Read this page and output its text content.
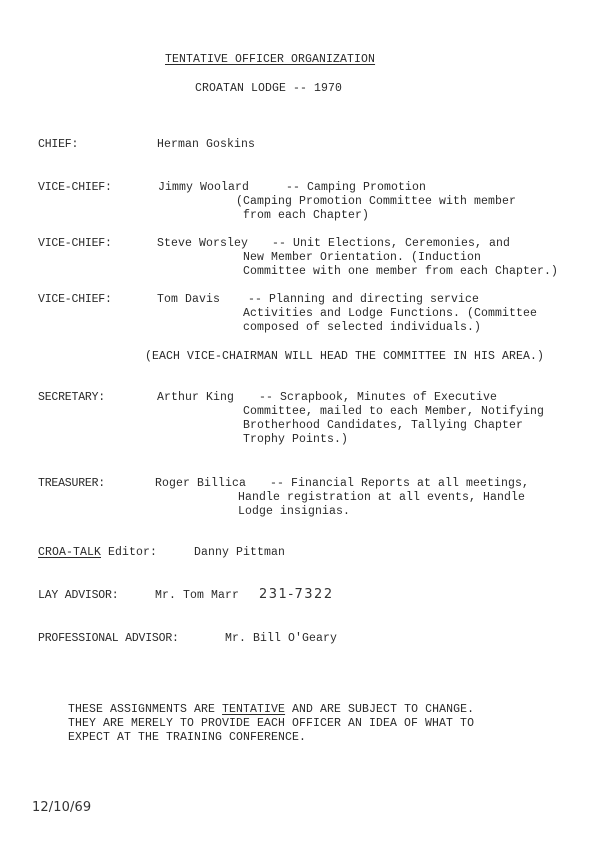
TENTATIVE OFFICER ORGANIZATION
CROATAN LODGE -- 1970
CHIEF:	Herman Goskins
VICE-CHIEF:	Jimmy Woolard	-- Camping Promotion
(Camping Promotion Committee with member
from each Chapter)
VICE-CHIEF:	Steve Worsley -- Unit Elections, Ceremonies, and
New Member Orientation. (Induction
Committee with one member from each Chapter.)
VICE-CHIEF:	Tom Davis -- Planning and directing service
Activities and Lodge Functions. (Committee
composed of selected individuals.)
(EACH VICE-CHAIRMAN WILL HEAD THE COMMITTEE IN HIS AREA.)
SECRETARY:	Arthur King -- Scrapbook, Minutes of Executive
Committee, mailed to each Member, Notifying
Brotherhood Candidates, Tallying Chapter
Trophy Points.)
TREASURER:	Roger Billica -- Financial Reports at all meetings,
Handle registration at all events, Handle
Lodge insignias.
CROA-TALK Editor:	Danny Pittman
LAY ADVISOR:	Mr. Tom Marr 231-7322
PROFESSIONAL ADVISOR:	Mr. Bill O'Geary
THESE ASSIGNMENTS ARE TENTATIVE AND ARE SUBJECT TO CHANGE.
THEY ARE MERELY TO PROVIDE EACH OFFICER AN IDEA OF WHAT TO
EXPECT AT THE TRAINING CONFERENCE.
12/10/69
